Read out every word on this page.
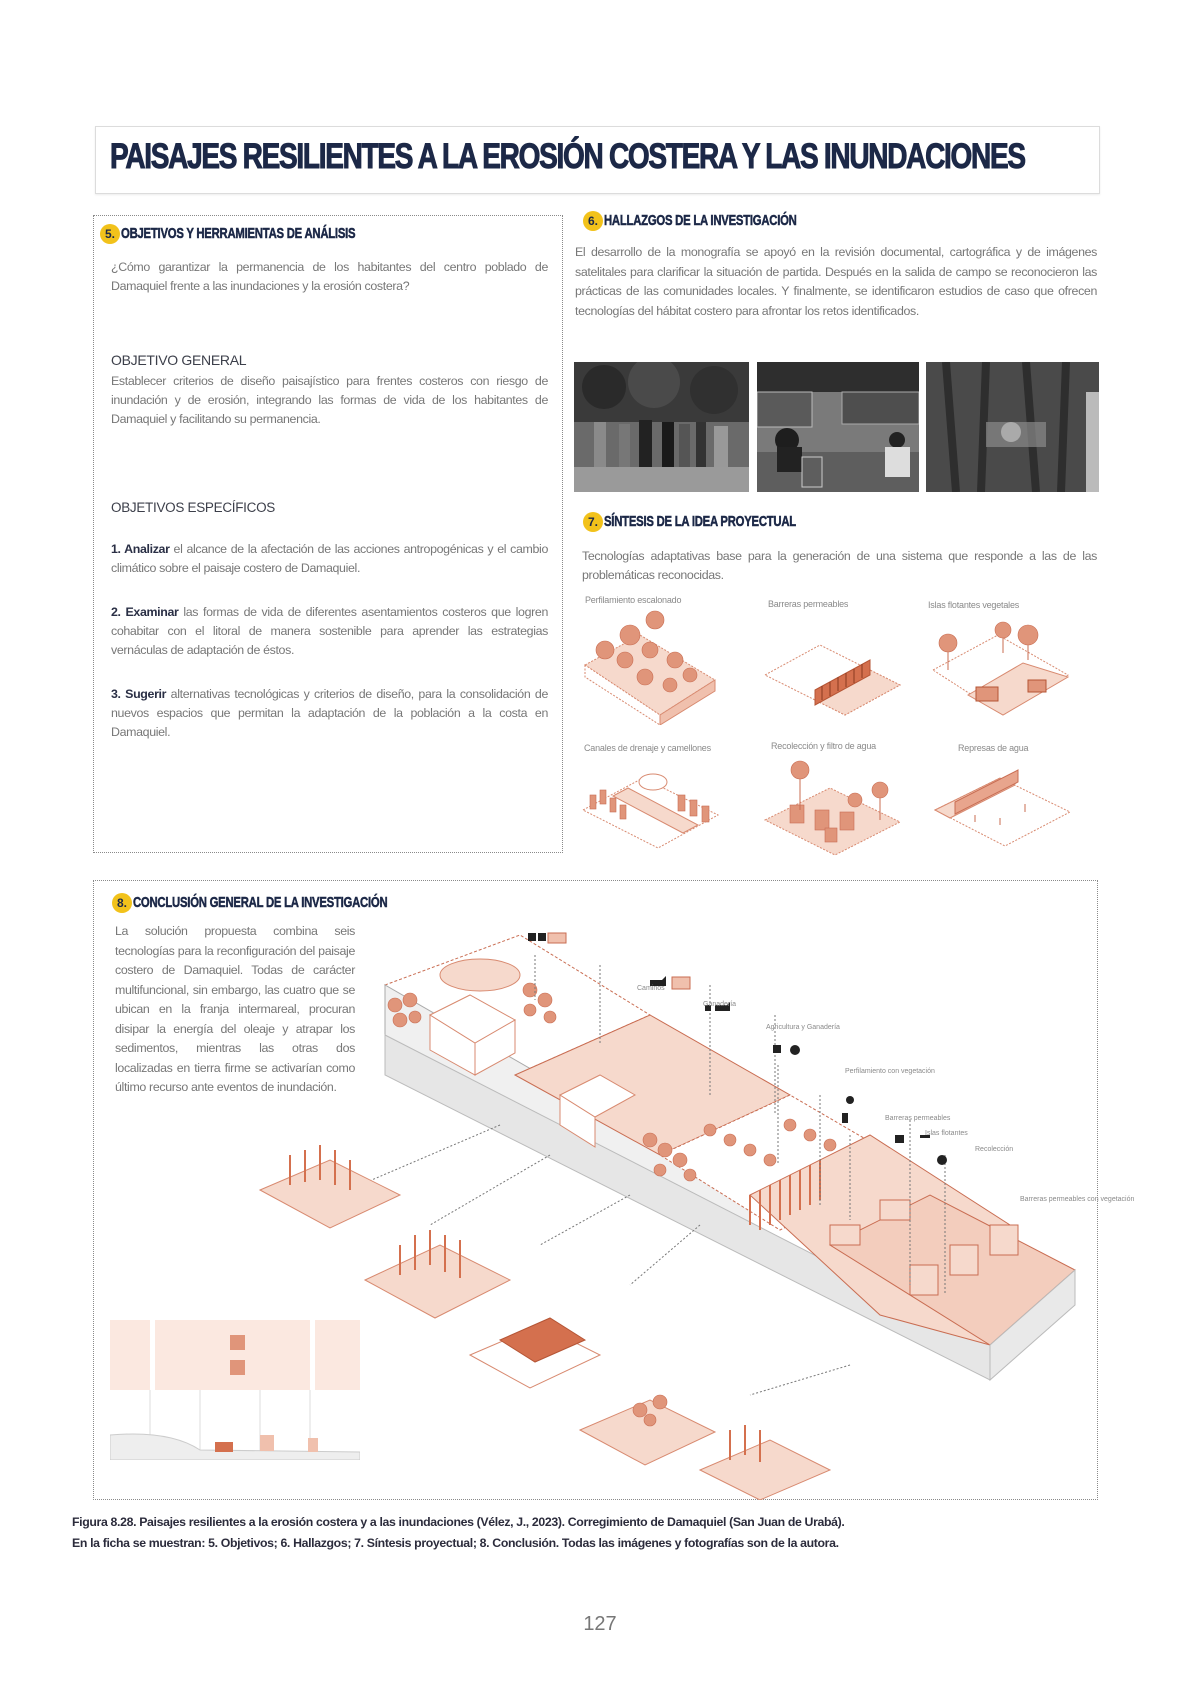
PAISAJES RESILIENTES A LA EROSIÓN COSTERA Y LAS INUNDACIONES
5. OBJETIVOS Y HERRAMIENTAS DE ANÁLISIS
¿Cómo garantizar la permanencia de los habitantes del centro poblado de Damaquiel frente a las inundaciones y la erosión costera?
OBJETIVO GENERAL
Establecer criterios de diseño paisajístico para frentes costeros con riesgo de inundación y de erosión, integrando las formas de vida de los habitantes de Damaquiel y facilitando su permanencia.
OBJETIVOS ESPECÍFICOS
1. Analizar el alcance de la afectación de las acciones antropogénicas y el cambio climático sobre el paisaje costero de Damaquiel.
2. Examinar las formas de vida de diferentes asentamientos costeros que logren cohabitar con el litoral de manera sostenible para aprender las estrategias vernáculas de adaptación de éstos.
3. Sugerir alternativas tecnológicas y criterios de diseño, para la consolidación de nuevos espacios que permitan la adaptación de la población a la costa en Damaquiel.
6. HALLAZGOS DE LA INVESTIGACIÓN
El desarrollo de la monografía se apoyó en la revisión documental, cartográfica y de imágenes satelitales para clarificar la situación de partida. Después en la salida de campo se reconocieron las prácticas de las comunidades locales. Y finalmente, se identificaron estudios de caso que ofrecen tecnologías del hábitat costero para afrontar los retos identificados.
7. SÍNTESIS DE LA IDEA PROYECTUAL
Tecnologías adaptativas base para la generación de una sistema que responde a las de las problemáticas reconocidas.
Perfilamiento escalonado	Barreras permeables	Islas flotantes vegetales
Canales de drenaje y camellones	Recolección y filtro de agua	Represas de agua
8. CONCLUSIÓN GENERAL DE LA INVESTIGACIÓN
La solución propuesta combina seis tecnologías para la reconfiguración del paisaje costero de Damaquiel. Todas de carácter multifuncional, sin embargo, las cuatro que se ubican en la franja intermareal, procuran disipar la energía del oleaje y atrapar los sedimentos, mientras las otras dos localizadas en tierra firme se activarían como último recurso ante eventos de inundación.
Caminos
Ganadería
Agricultura y Ganadería
Perfilamiento con vegetación
Barreras permeables
Islas flotantes
Recolección
Barreras permeables con vegetación
Figura 8.28. Paisajes resilientes a la erosión costera y a las inundaciones (Vélez, J., 2023). Corregimiento de Damaquiel (San Juan de Urabá).
En la ficha se muestran: 5. Objetivos; 6. Hallazgos; 7. Síntesis proyectual; 8. Conclusión. Todas las imágenes y fotografías son de la autora.
127
